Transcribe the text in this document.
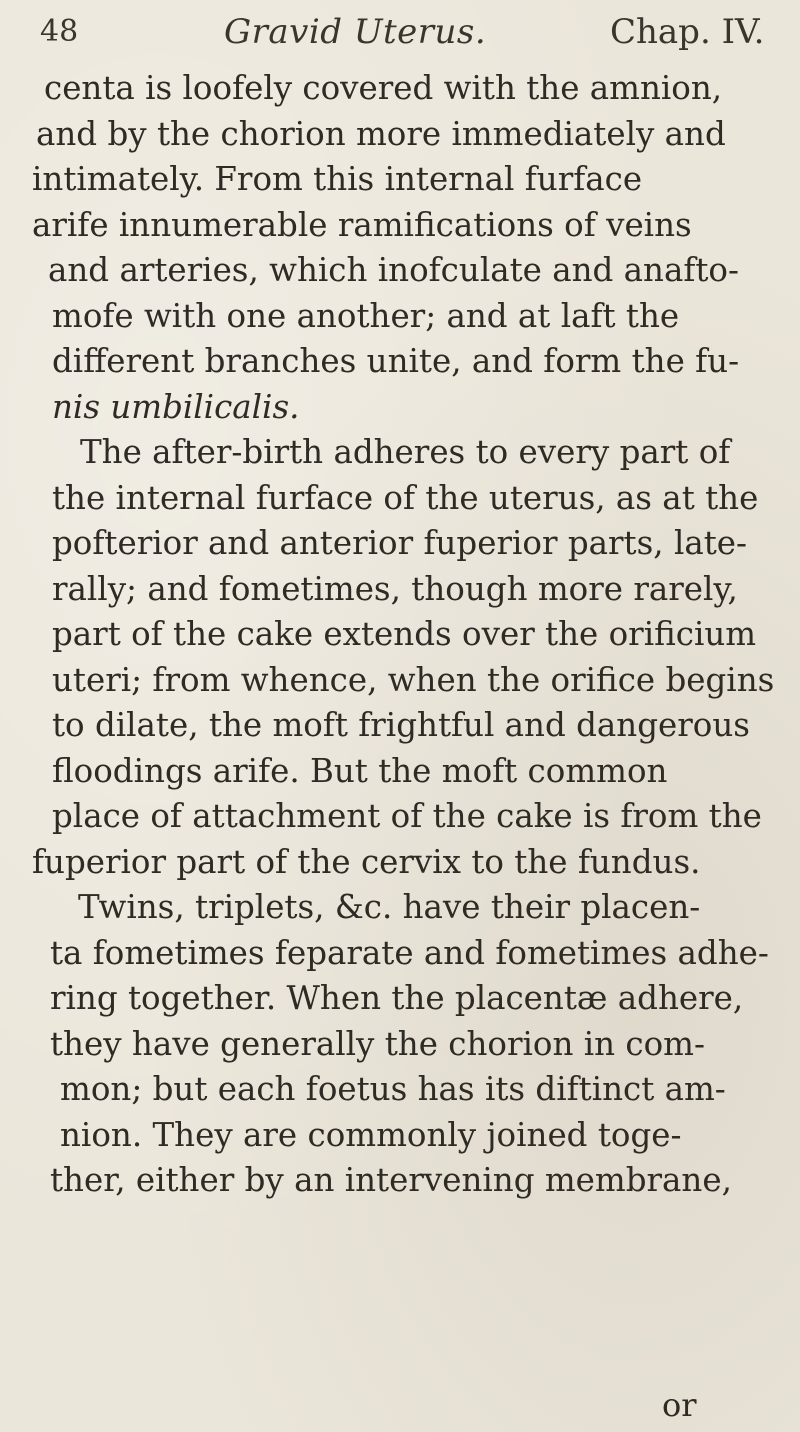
48	Gravid Uterus.	Chap. IV.
centa is loofely covered with the amnion,
and by the chorion more immediately and
intimately. From this internal furface
arife innumerable ramifications of veins
and arteries, which inofculate and anafto-
mofe with one another; and at laft the
different branches unite, and form the fu-
nis umbilicalis.
The after-birth adheres to every part of
the internal furface of the uterus, as at the
pofterior and anterior fuperior parts, late-
rally; and fometimes, though more rarely,
part of the cake extends over the orificium
uteri; from whence, when the orifice begins
to dilate, the moft frightful and dangerous
floodings arife. But the moft common
place of attachment of the cake is from the
fuperior part of the cervix to the fundus.
Twins, triplets, &c. have their placen-
ta fometimes feparate and fometimes adhe-
ring together. When the placentæ adhere,
they have generally the chorion in com-
mon; but each foetus has its diftinct am-
nion. They are commonly joined toge-
ther, either by an intervening membrane,
or
